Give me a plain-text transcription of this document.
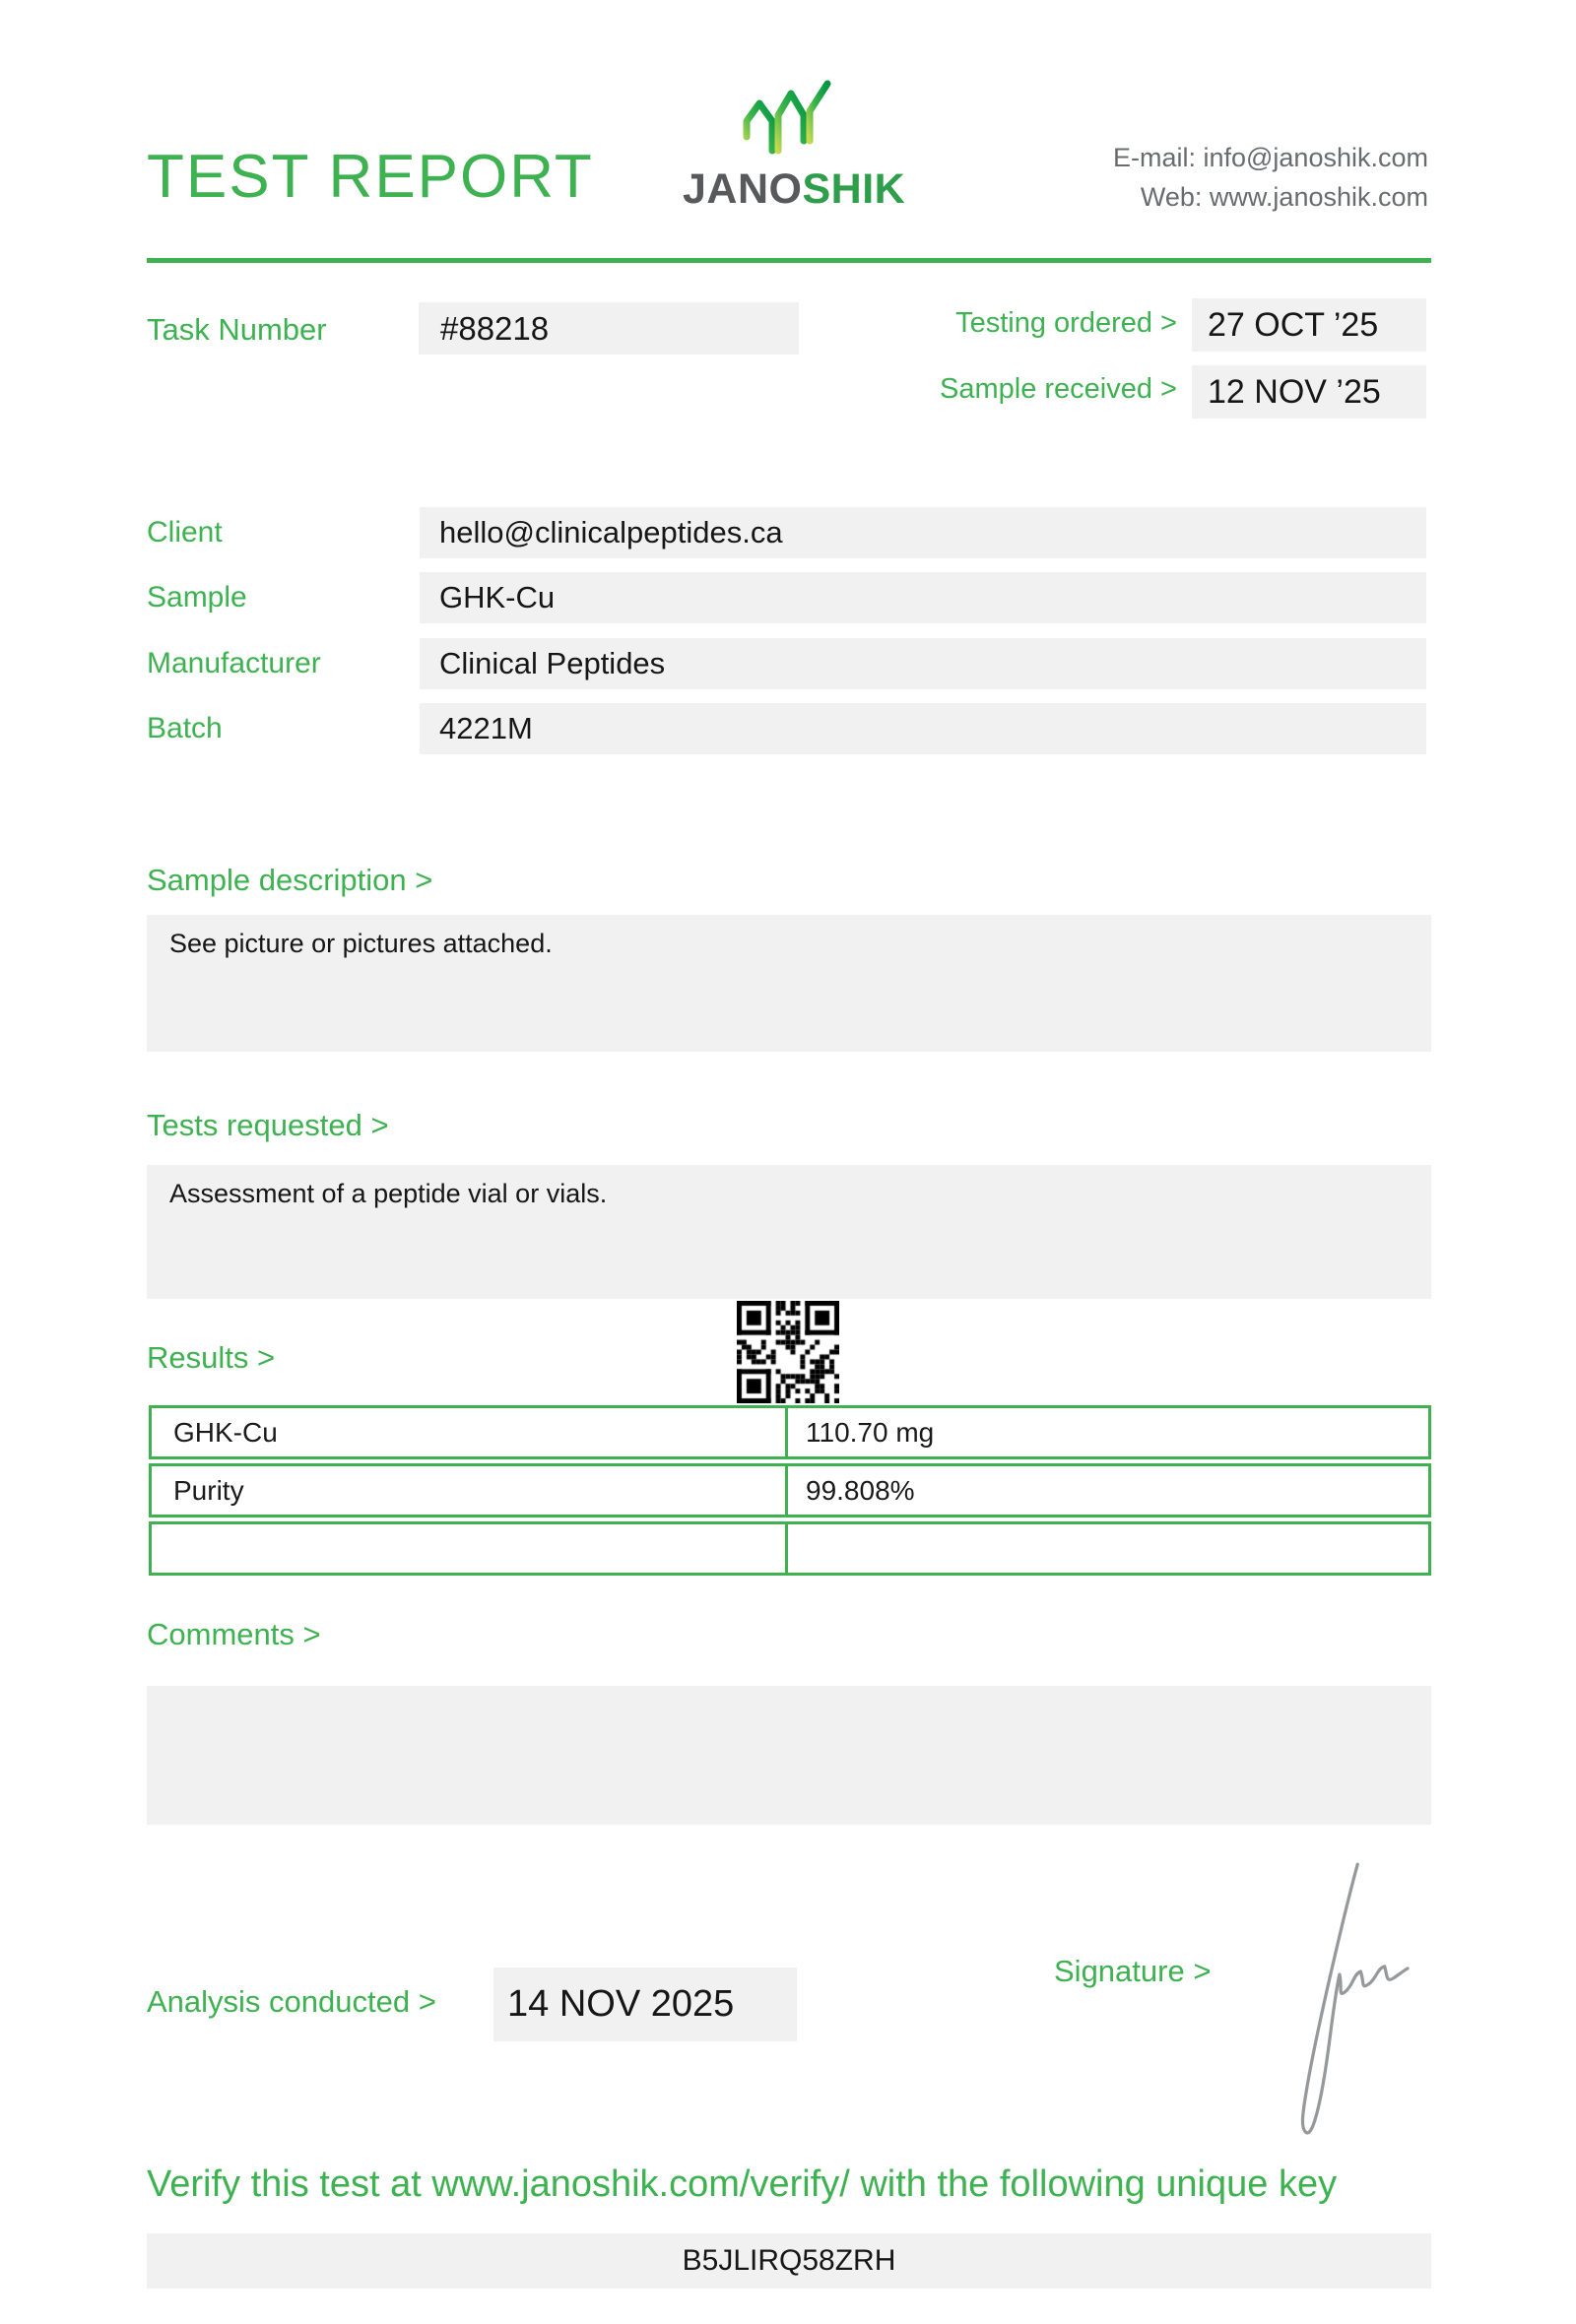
TEST REPORT JANOSHIK
E-mail: info@janoshik.com
Web: www.janoshik.com
Task Number	#88218	Testing ordered > 27 OCT ’25
Sample received > 12 NOV ’25
Client	hello@clinicalpeptides.ca
Sample	GHK-Cu
Manufacturer	Clinical Peptides
Batch	4221M
Sample description >
See picture or pictures attached.
Tests requested >
Assessment of a peptide vial or vials.
Results >
GHK-Cu	110.70 mg
Purity	99.808%
Comments >
Analysis conducted >	14 NOV 2025
Signature >
Verify this test at www.janoshik.com/verify/ with the following unique key
B5JLIRQ58ZRH
